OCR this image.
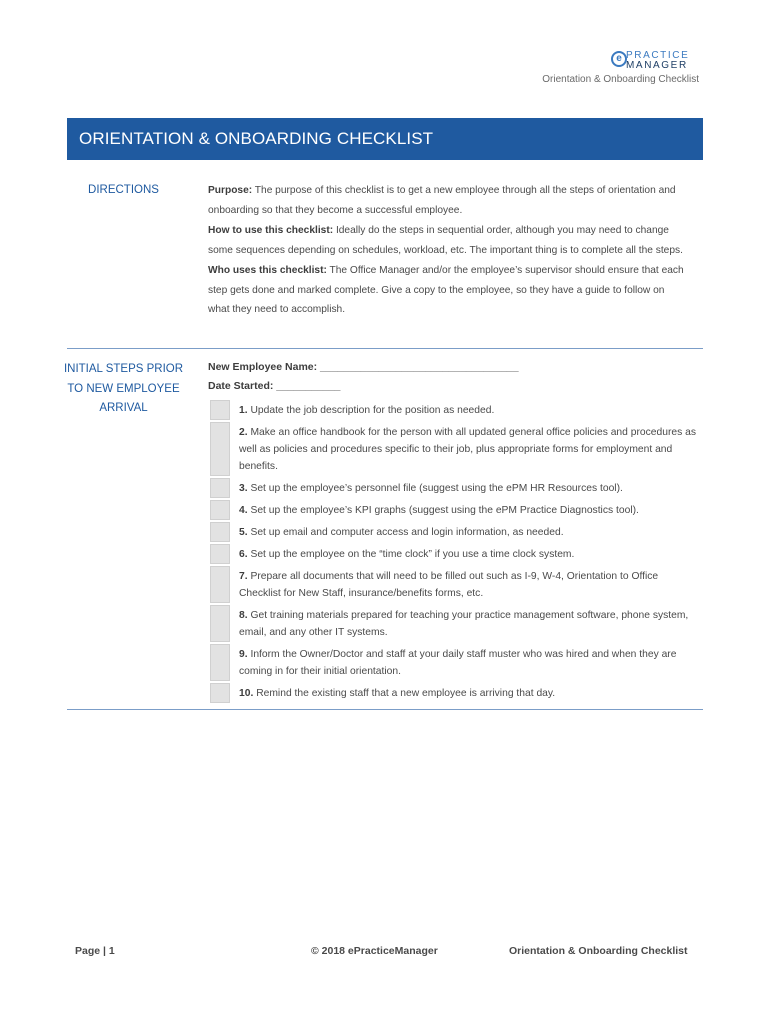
e PRACTICE
MANAGER
Orientation & Onboarding Checklist
ORIENTATION & ONBOARDING CHECKLIST
DIRECTIONS	Purpose: The purpose of this checklist is to get a new employee through all the steps of orientation and onboarding so that they become a successful employee.

How to use this checklist: Ideally do the steps in sequential order, although you may need to change some sequences depending on schedules, workload, etc. The important thing is to complete all the steps.

Who uses this checklist: The Office Manager and/or the employee’s supervisor should ensure that each step gets done and marked complete. Give a copy to the employee, so they have a guide to follow on what they need to accomplish.

INITIAL STEPS PRIOR
TO NEW EMPLOYEE
ARRIVAL
New Employee Name: __________________________________
Date Started: ___________
1. Update the job description for the position as needed.
2. Make an office handbook for the person with all updated general office policies and procedures as well as policies and procedures specific to their job, plus appropriate forms for employment and benefits.
3. Set up the employee’s personnel file (suggest using the ePM HR Resources tool).
4. Set up the employee’s KPI graphs (suggest using the ePM Practice Diagnostics tool).
5. Set up email and computer access and login information, as needed.
6. Set up the employee on the “time clock” if you use a time clock system.
7. Prepare all documents that will need to be filled out such as I-9, W-4, Orientation to Office Checklist for New Staff, insurance/benefits forms, etc.
8. Get training materials prepared for teaching your practice management software, phone system, email, and any other IT systems.
9. Inform the Owner/Doctor and staff at your daily staff muster who was hired and when they are coming in for their initial orientation.
10. Remind the existing staff that a new employee is arriving that day.
Page | 1	© 2018 ePracticeManager	Orientation & Onboarding Checklist
